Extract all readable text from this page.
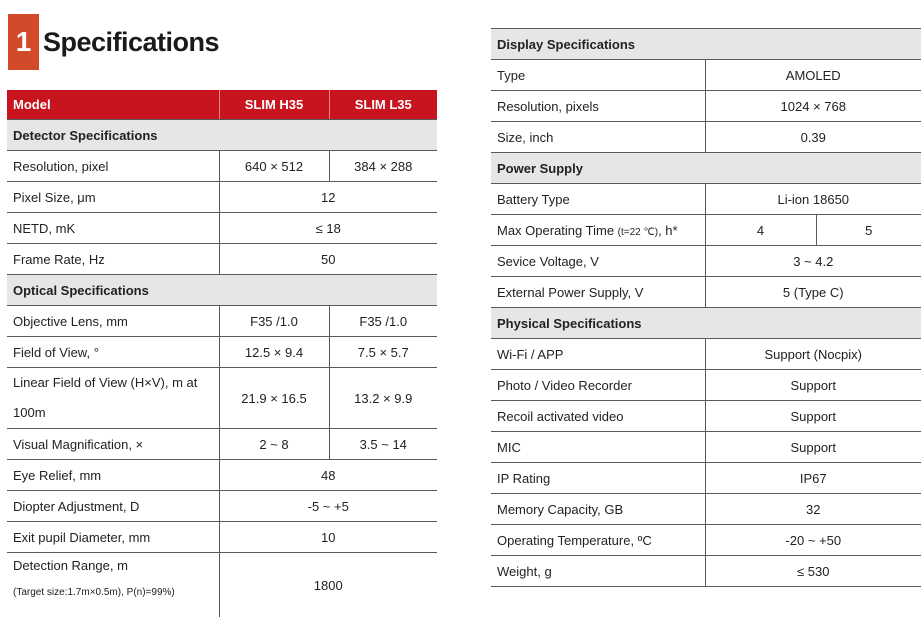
1 Specifications
Model	SLIM H35	SLIM L35
Detector Specifications		
Resolution, pixel	640 × 512	384 × 288
Pixel Size, μm	12	
NETD, mK	≤ 18	
Frame Rate, Hz	50	
Optical Specifications		
Objective Lens, mm	F35 /1.0	F35 /1.0
Field of View, °	12.5 × 9.4	7.5 × 5.7
Linear Field of View (H×V), m at 100m	21.9 × 16.5	13.2 × 9.9
Visual Magnification, ×	2 ~ 8	3.5 ~ 14
Eye Relief, mm	48	
Diopter Adjustment, D	-5 ~ +5	
Exit pupil Diameter, mm	10	
Detection Range, m
(Target size:1.7m×0.5m), P(n)=99%)	1800	
Display Specifications		
Type	AMOLED	
Resolution, pixels	1024 × 768	
Size, inch	0.39	
Power Supply		
Battery Type	Li-ion 18650	
Max Operating Time (t=22 ℃), h*	4	5
Sevice Voltage, V	3 ~ 4.2	
External Power Supply, V	5 (Type C)	
Physical Specifications		
Wi-Fi / APP	Support (Nocpix)	
Photo / Video Recorder	Support	
Recoil activated video	Support	
MIC	Support	
IP Rating	IP67	
Memory Capacity, GB	32	
Operating Temperature, ºC	-20 ~ +50	
Weight, g	≤ 530	
